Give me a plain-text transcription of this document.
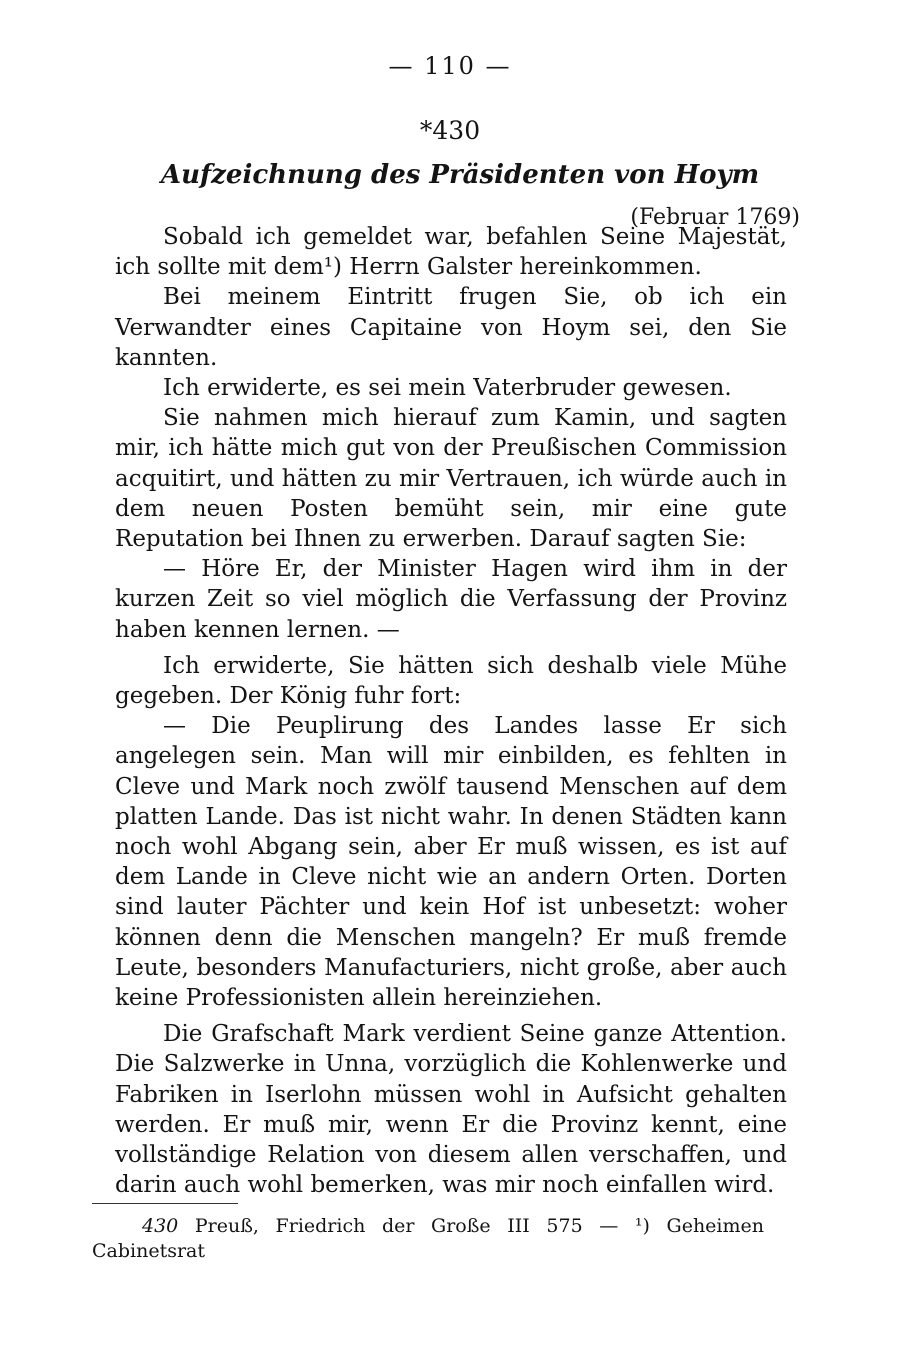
— 110 —
*430
Aufzeichnung des Präsidenten von Hoym
(Februar 1769)

Sobald ich gemeldet war, befahlen Seine Majestät, ich sollte mit dem¹) Herrn Galster hereinkommen.

Bei meinem Eintritt frugen Sie, ob ich ein Verwandter eines Capitaine von Hoym sei, den Sie kannten.

Ich erwiderte, es sei mein Vaterbruder gewesen.

Sie nahmen mich hierauf zum Kamin, und sagten mir, ich hätte mich gut von der Preußischen Commission acquitirt, und hätten zu mir Vertrauen, ich würde auch in dem neuen Posten bemüht sein, mir eine gute Reputation bei Ihnen zu erwerben. Darauf sagten Sie:

— Höre Er, der Minister Hagen wird ihm in der kurzen Zeit so viel möglich die Verfassung der Provinz haben kennen lernen. —

Ich erwiderte, Sie hätten sich deshalb viele Mühe gegeben. Der König fuhr fort:

— Die Peuplirung des Landes lasse Er sich angelegen sein. Man will mir einbilden, es fehlten in Cleve und Mark noch zwölf tausend Menschen auf dem platten Lande. Das ist nicht wahr. In denen Städten kann noch wohl Abgang sein, aber Er muß wissen, es ist auf dem Lande in Cleve nicht wie an andern Orten. Dorten sind lauter Pächter und kein Hof ist unbesetzt: woher können denn die Menschen mangeln? Er muß fremde Leute, besonders Manufacturiers, nicht große, aber auch keine Professionisten allein hereinziehen.

Die Grafschaft Mark verdient Seine ganze Attention. Die Salzwerke in Unna, vorzüglich die Kohlenwerke und Fabriken in Iserlohn müssen wohl in Aufsicht gehalten werden. Er muß mir, wenn Er die Provinz kennt, eine vollständige Relation von diesem allen verschaffen, und darin auch wohl bemerken, was mir noch einfallen wird.

430 Preuß, Friedrich der Große III 575 — ¹) Geheimen Cabinetsrat
